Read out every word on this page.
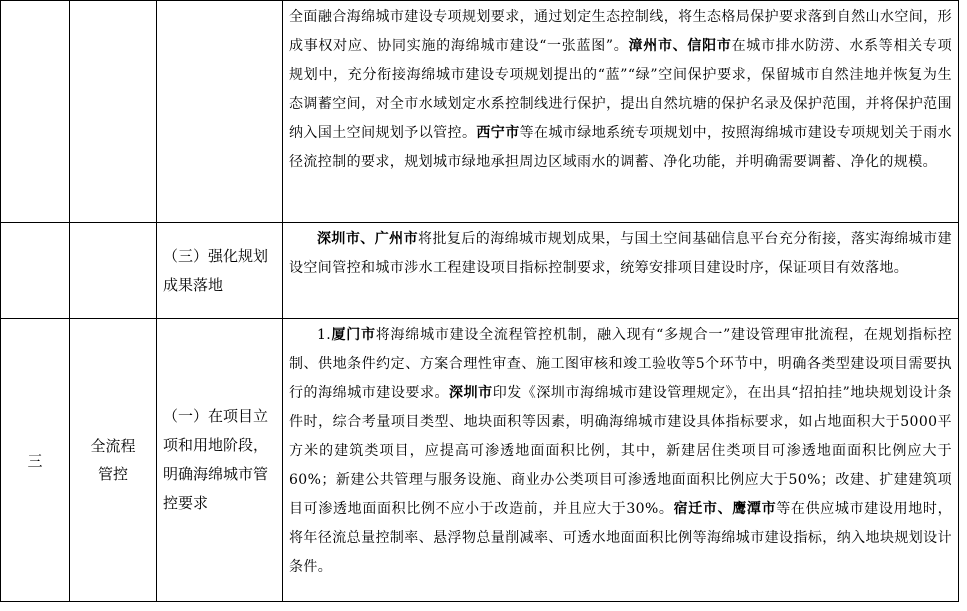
			全面融合海绵城市建设专项规划要求，通过划定生态控制线，将生态格局保护要求落到自然山水空间，形成事权对应、协同实施的海绵城市建设“一张蓝图”。漳州市、信阳市在城市排水防涝、水系等相关专项规划中，充分衔接海绵城市建设专项规划提出的“蓝”“绿”空间保护要求，保留城市自然洼地并恢复为生态调蓄空间，对全市水域划定水系控制线进行保护，提出自然坑塘的保护名录及保护范围，并将保护范围纳入国土空间规划予以管控。西宁市等在城市绿地系统专项规划中，按照海绵城市建设专项规划关于雨水径流控制的要求，规划城市绿地承担周边区域雨水的调蓄、净化功能，并明确需要调蓄、净化的规模。

		（三）强化规划成果落地	深圳市、广州市将批复后的海绵城市规划成果，与国土空间基础信息平台充分衔接，落实海绵城市建设空间管控和城市涉水工程建设项目指标控制要求，统筹安排项目建设时序，保证项目有效落地。

三	全流程管控	（一）在项目立项和用地阶段，明确海绵城市管控要求	1.厦门市将海绵城市建设全流程管控机制，融入现有“多规合一”建设管理审批流程，在规划指标控制、供地条件约定、方案合理性审查、施工图审核和竣工验收等5个环节中，明确各类型建设项目需要执行的海绵城市建设要求。深圳市印发《深圳市海绵城市建设管理规定》，在出具“招拍挂”地块规划设计条件时，综合考量项目类型、地块面积等因素，明确海绵城市建设具体指标要求，如占地面积大于5000平方米的建筑类项目，应提高可渗透地面面积比例，其中，新建居住类项目可渗透地面面积比例应大于60%；新建公共管理与服务设施、商业办公类项目可渗透地面面积比例应大于50%；改建、扩建建筑项目可渗透地面面积比例不应小于改造前，并且应大于30%。宿迁市、鹰潭市等在供应城市建设用地时，将年径流总量控制率、悬浮物总量削减率、可透水地面面积比例等海绵城市建设指标，纳入地块规划设计条件。
